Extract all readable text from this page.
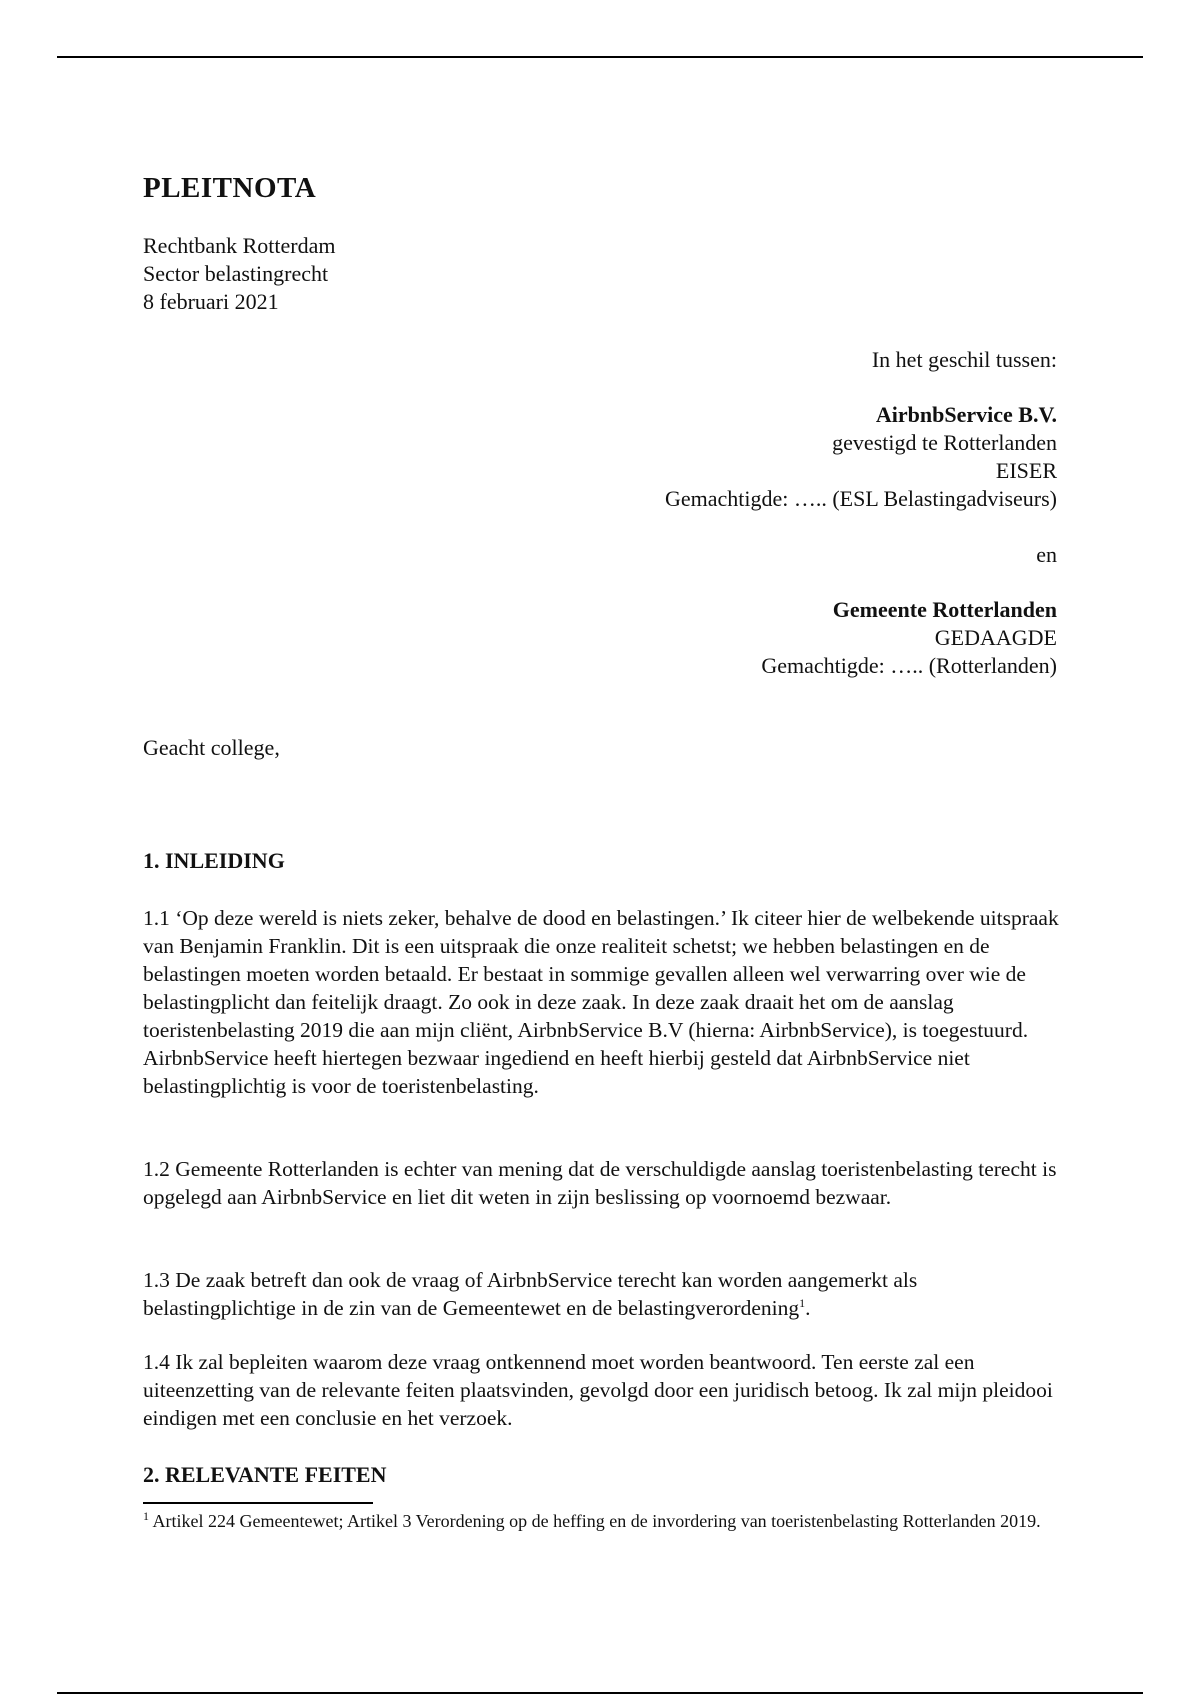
PLEITNOTA
Rechtbank Rotterdam
Sector belastingrecht
8 februari 2021
In het geschil tussen:
AirbnbService B.V.
gevestigd te Rotterlanden
EISER
Gemachtigde: ….. (ESL Belastingadviseurs)
en
Gemeente Rotterlanden
GEDAAGDE
Gemachtigde: ….. (Rotterlanden)
Geacht college,
1. INLEIDING

1.1 ‘Op deze wereld is niets zeker, behalve de dood en belastingen.’ Ik citeer hier de welbekende uitspraak van Benjamin Franklin. Dit is een uitspraak die onze realiteit schetst; we hebben belastingen en de belastingen moeten worden betaald. Er bestaat in sommige gevallen alleen wel verwarring over wie de belastingplicht dan feitelijk draagt. Zo ook in deze zaak. In deze zaak draait het om de aanslag toeristenbelasting 2019 die aan mijn cliënt, AirbnbService B.V (hierna: AirbnbService), is toegestuurd. AirbnbService heeft hiertegen bezwaar ingediend en heeft hierbij gesteld dat AirbnbService niet belastingplichtig is voor de toeristenbelasting.

1.2 Gemeente Rotterlanden is echter van mening dat de verschuldigde aanslag toeristenbelasting terecht is opgelegd aan AirbnbService en liet dit weten in zijn beslissing op voornoemd bezwaar.

1.3 De zaak betreft dan ook de vraag of AirbnbService terecht kan worden aangemerkt als belastingplichtige in de zin van de Gemeentewet en de belastingverordening$^1$.

1.4 Ik zal bepleiten waarom deze vraag ontkennend moet worden beantwoord. Ten eerste zal een uiteenzetting van de relevante feiten plaatsvinden, gevolgd door een juridisch betoog. Ik zal mijn pleidooi eindigen met een conclusie en het verzoek.

2. RELEVANTE FEITEN

$^1$ Artikel 224 Gemeentewet; Artikel 3 Verordening op de heffing en de invordering van toeristenbelasting Rotterlanden 2019.
